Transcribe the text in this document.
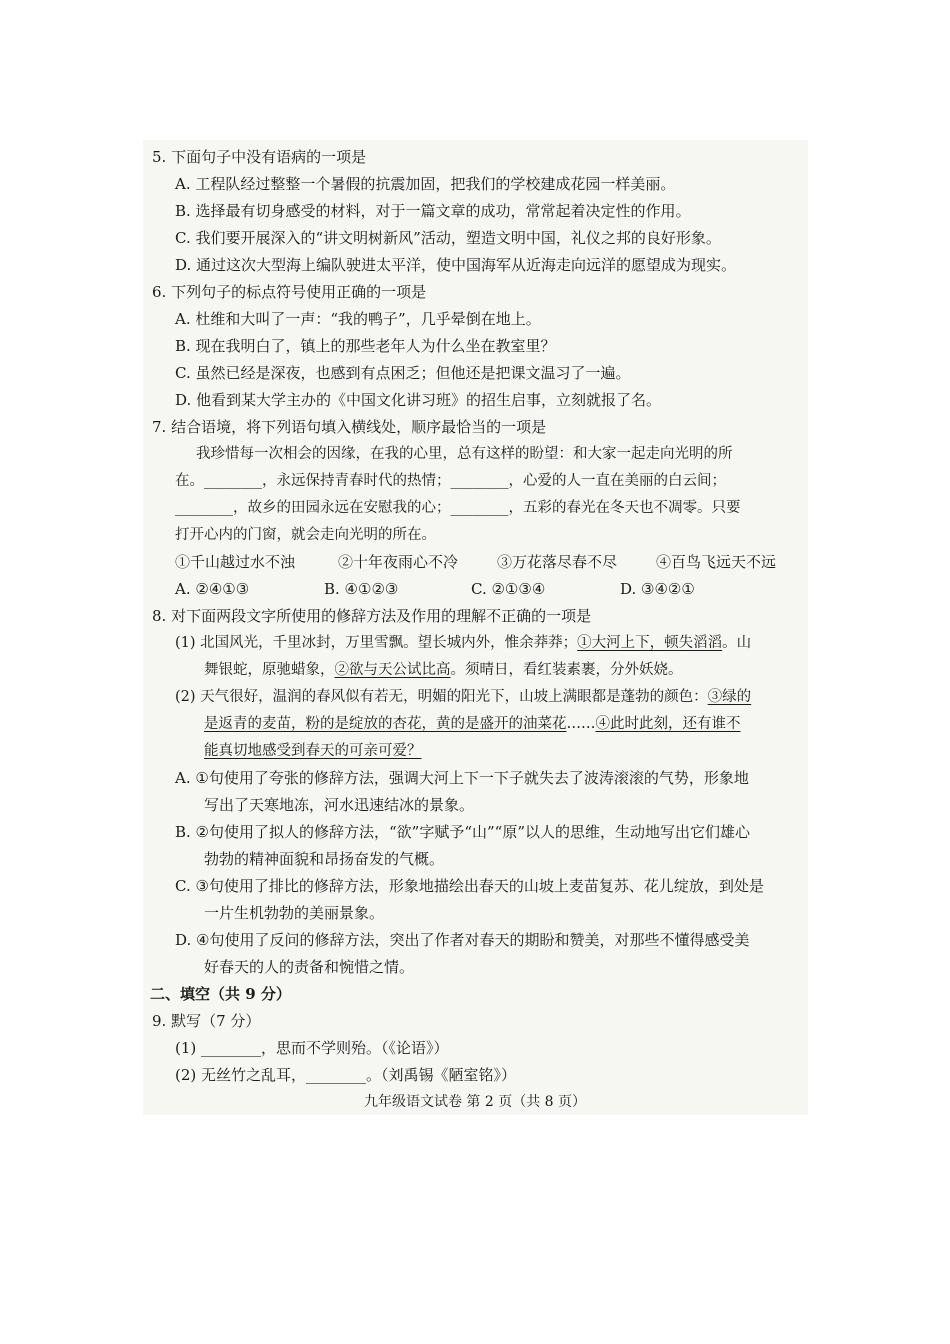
5. 下面句子中没有语病的一项是
A. 工程队经过整整一个暑假的抗震加固，把我们的学校建成花园一样美丽。
B. 选择最有切身感受的材料，对于一篇文章的成功，常常起着决定性的作用。
C. 我们要开展深入的“讲文明树新风”活动，塑造文明中国，礼仪之邦的良好形象。
D. 通过这次大型海上编队驶进太平洋，使中国海军从近海走向远洋的愿望成为现实。
6. 下列句子的标点符号使用正确的一项是
A. 杜维和大叫了一声：“我的鸭子”，几乎晕倒在地上。
B. 现在我明白了，镇上的那些老年人为什么坐在教室里？
C. 虽然已经是深夜，也感到有点困乏；但他还是把课文温习了一遍。
D. 他看到某大学主办的《中国文化讲习班》的招生启事，立刻就报了名。
7. 结合语境，将下列语句填入横线处，顺序最恰当的一项是
我珍惜每一次相会的因缘，在我的心里，总有这样的盼望：和大家一起走向光明的所
在。________，永远保持青春时代的热情；________，心爱的人一直在美丽的白云间；
________，故乡的田园永远在安慰我的心；________，五彩的春光在冬天也不凋零。只要
打开心内的门窗，就会走向光明的所在。
①千山越过水不浊	②十年夜雨心不冷	③万花落尽春不尽	④百鸟飞远天不远
A. ②④①③	B. ④①②③	C. ②①③④	D. ③④②①
8. 对下面两段文字所使用的修辞方法及作用的理解不正确的一项是
(1) 北国风光，千里冰封，万里雪飘。望长城内外，惟余莽莽；①大河上下，顿失滔滔。山
舞银蛇，原驰蜡象，②欲与天公试比高。须晴日，看红装素裹，分外妖娆。
(2) 天气很好，温润的春风似有若无，明媚的阳光下，山坡上满眼都是蓬勃的颜色：③绿的
是返青的麦苗，粉的是绽放的杏花，黄的是盛开的油菜花……④此时此刻，还有谁不
能真切地感受到春天的可亲可爱？
A. ①句使用了夸张的修辞方法，强调大河上下一下子就失去了波涛滚滚的气势，形象地
写出了天寒地冻，河水迅速结冰的景象。
B. ②句使用了拟人的修辞方法，“欲”字赋予“山”“原”以人的思维，生动地写出它们雄心
勃勃的精神面貌和昂扬奋发的气概。
C. ③句使用了排比的修辞方法，形象地描绘出春天的山坡上麦苗复苏、花儿绽放，到处是
一片生机勃勃的美丽景象。
D. ④句使用了反问的修辞方法，突出了作者对春天的期盼和赞美，对那些不懂得感受美
好春天的人的责备和惋惜之情。
二、填空（共 9 分）
9. 默写（7 分）
(1) ________，思而不学则殆。（《论语》）
(2) 无丝竹之乱耳，________。（刘禹锡《陋室铭》）
九年级语文试卷 第 2 页（共 8 页）
